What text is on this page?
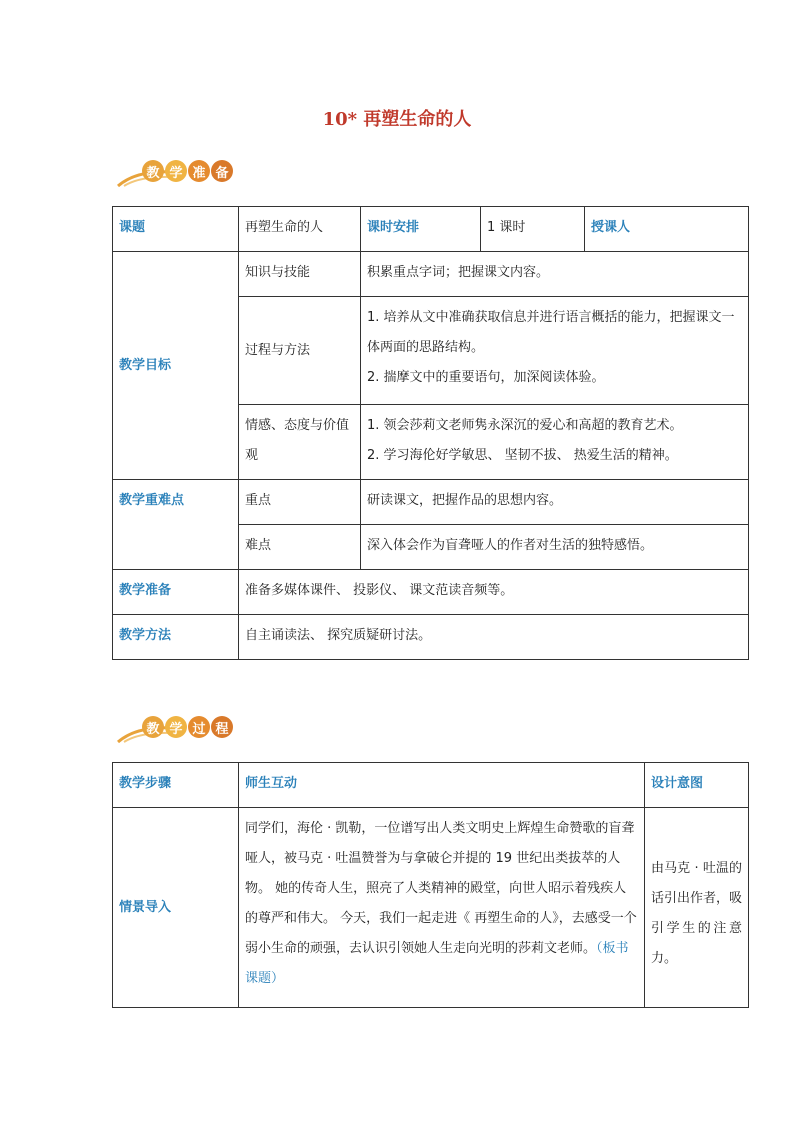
10* 再塑生命的人
教 学 准 备
课题	再塑生命的人	课时安排	1 课时	授课人
教学目标	知识与技能	积累重点字词；把握课文内容。		
	过程与方法	1. 培养从文中准确获取信息并进行语言概括的能力，把握课文一体两面的思路结构。
2. 揣摩文中的重要语句，加深阅读体验。		

	情感、态度与价值观	1. 领会莎莉文老师隽永深沉的爱心和高超的教育艺术。
2. 学习海伦好学敏思、 坚韧不拔、 热爱生活的精神。		

教学重难点	重点	研读课文，把握作品的思想内容。		
	难点	深入体会作为盲聋哑人的作者对生活的独特感悟。		
教学准备	准备多媒体课件、 投影仪、 课文范读音频等。			
教学方法	自主诵读法、 探究质疑研讨法。			
教 学 过 程
教学步骤	师生互动	设计意图
情景导入	同学们，海伦 · 凯勒，一位谱写出人类文明史上辉煌生命赞歌的盲聋哑人，被马克 · 吐温赞誉为与拿破仑并提的 19 世纪出类拔萃的人物。 她的传奇人生，照亮了人类精神的殿堂，向世人昭示着残疾人的尊严和伟大。 今天，我们一起走进《 再塑生命的人》，去感受一个弱小生命的顽强，去认识引领她人生走向光明的莎莉文老师。（板书课题）	由马克 · 吐温的话引出作者，吸引学生的注意力。
